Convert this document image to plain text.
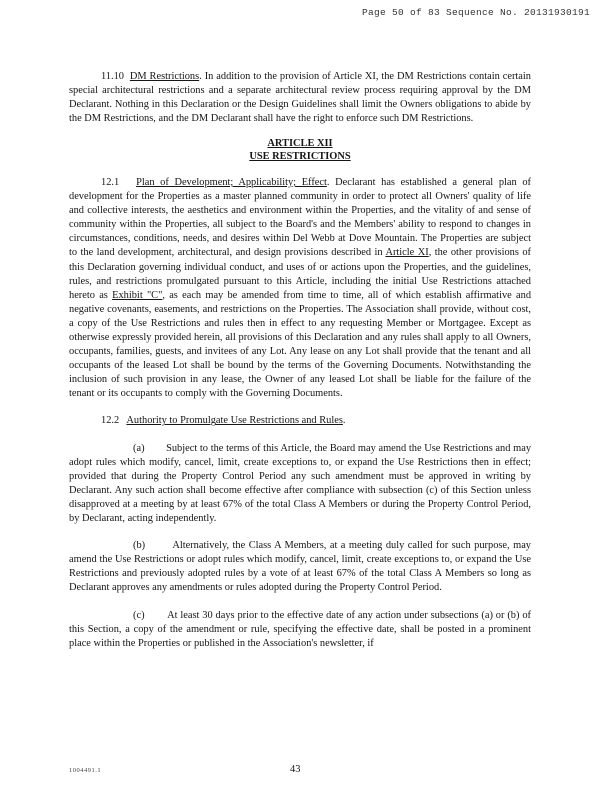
Page 50 of 83 Sequence No. 20131930191

11.10 DM Restrictions. In addition to the provision of Article XI, the DM Restrictions contain certain special architectural restrictions and a separate architectural review process requiring approval by the DM Declarant. Nothing in this Declaration or the Design Guidelines shall limit the Owners obligations to abide by the DM Restrictions, and the DM Declarant shall have the right to enforce such DM Restrictions.

ARTICLE XII
USE RESTRICTIONS

12.1 Plan of Development; Applicability; Effect. Declarant has established a general plan of development for the Properties as a master planned community in order to protect all Owners' quality of life and collective interests, the aesthetics and environment within the Properties, and the vitality of and sense of community within the Properties, all subject to the Board's and the Members' ability to respond to changes in circumstances, conditions, needs, and desires within Del Webb at Dove Mountain. The Properties are subject to the land development, architectural, and design provisions described in Article XI, the other provisions of this Declaration governing individual conduct, and uses of or actions upon the Properties, and the guidelines, rules, and restrictions promulgated pursuant to this Article, including the initial Use Restrictions attached hereto as Exhibit "C", as each may be amended from time to time, all of which establish affirmative and negative covenants, easements, and restrictions on the Properties. The Association shall provide, without cost, a copy of the Use Restrictions and rules then in effect to any requesting Member or Mortgagee. Except as otherwise expressly provided herein, all provisions of this Declaration and any rules shall apply to all Owners, occupants, families, guests, and invitees of any Lot. Any lease on any Lot shall provide that the tenant and all occupants of the leased Lot shall be bound by the terms of the Governing Documents. Notwithstanding the inclusion of such provision in any lease, the Owner of any leased Lot shall be liable for the failure of the tenant or its occupants to comply with the Governing Documents.

12.2 Authority to Promulgate Use Restrictions and Rules.

(a) Subject to the terms of this Article, the Board may amend the Use Restrictions and may adopt rules which modify, cancel, limit, create exceptions to, or expand the Use Restrictions then in effect; provided that during the Property Control Period any such amendment must be approved in writing by Declarant. Any such action shall become effective after compliance with subsection (c) of this Section unless disapproved at a meeting by at least 67% of the total Class A Members or during the Property Control Period, by Declarant, acting independently.

(b)	Alternatively, the Class A Members, at a meeting duly called for such purpose, may amend the Use Restrictions or adopt rules which modify, cancel, limit, create exceptions to, or expand the Use Restrictions and previously adopted rules by a vote of at least 67% of the total Class A Members so long as Declarant approves any amendments or rules adopted during the Property Control Period.

(c) At least 30 days prior to the effective date of any action under subsections (a) or (b) of this Section, a copy of the amendment or rule, specifying the effective date, shall be posted in a prominent place within the Properties or published in the Association's newsletter, if

1004491.1	43
